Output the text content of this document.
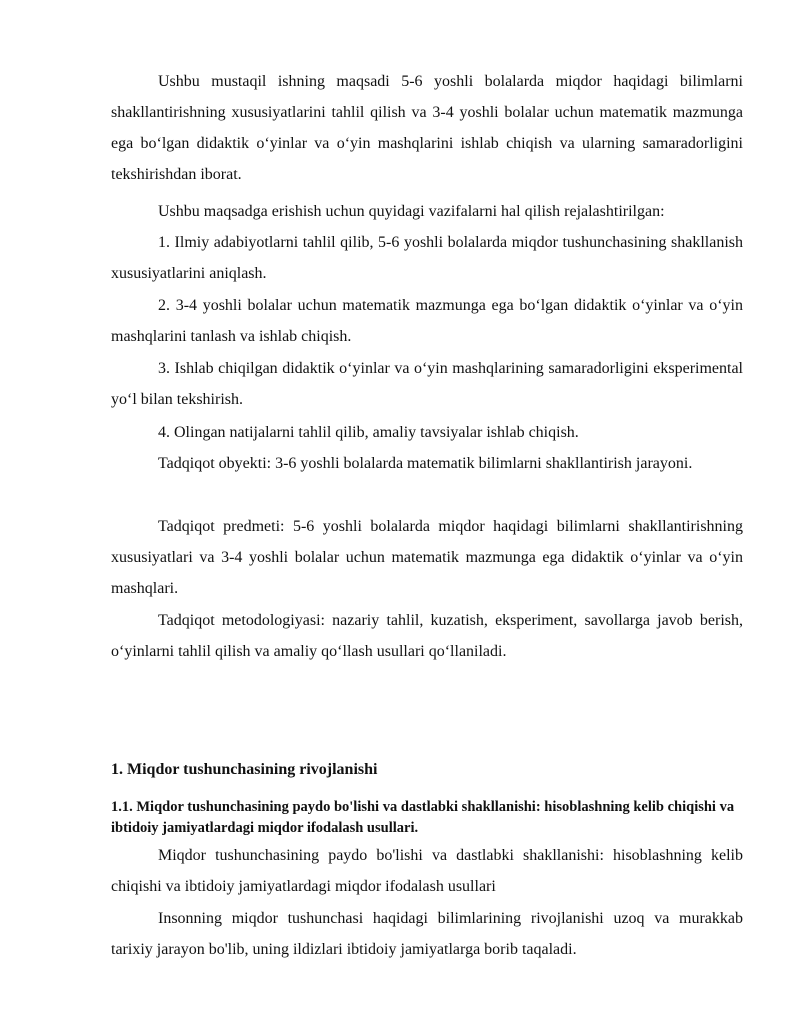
Ushbu mustaqil ishning maqsadi 5-6 yoshli bolalarda miqdor haqidagi bilimlarni shakllantirishning xususiyatlarini tahlil qilish va 3-4 yoshli bolalar uchun matematik mazmunga ega bo‘lgan didaktik o‘yinlar va o‘yin mashqlarini ishlab chiqish va ularning samaradorligini tekshirishdan iborat.

Ushbu maqsadga erishish uchun quyidagi vazifalarni hal qilish rejalashtirilgan:

1. Ilmiy adabiyotlarni tahlil qilib, 5-6 yoshli bolalarda miqdor tushunchasining shakllanish xususiyatlarini aniqlash.

2. 3-4 yoshli bolalar uchun matematik mazmunga ega bo‘lgan didaktik o‘yinlar va o‘yin mashqlarini tanlash va ishlab chiqish.

3. Ishlab chiqilgan didaktik o‘yinlar va o‘yin mashqlarining samaradorligini eksperimental yo‘l bilan tekshirish.

4. Olingan natijalarni tahlil qilib, amaliy tavsiyalar ishlab chiqish.

Tadqiqot obyekti: 3-6 yoshli bolalarda matematik bilimlarni shakllantirish jarayoni.

Tadqiqot predmeti: 5-6 yoshli bolalarda miqdor haqidagi bilimlarni shakllantirishning xususiyatlari va 3-4 yoshli bolalar uchun matematik mazmunga ega didaktik o‘yinlar va o‘yin mashqlari.

Tadqiqot metodologiyasi: nazariy tahlil, kuzatish, eksperiment, savollarga javob berish, o‘yinlarni tahlil qilish va amaliy qo‘llash usullari qo‘llaniladi.

1. Miqdor tushunchasining rivojlanishi
1.1. Miqdor tushunchasining paydo bo'lishi va dastlabki shakllanishi: hisoblashning kelib chiqishi va ibtidoiy jamiyatlardagi miqdor ifodalash usullari.

Miqdor tushunchasining paydo bo'lishi va dastlabki shakllanishi: hisoblashning kelib chiqishi va ibtidoiy jamiyatlardagi miqdor ifodalash usullari

Insonning miqdor tushunchasi haqidagi bilimlarining rivojlanishi uzoq va murakkab tarixiy jarayon bo'lib, uning ildizlari ibtidoiy jamiyatlarga borib taqaladi.
